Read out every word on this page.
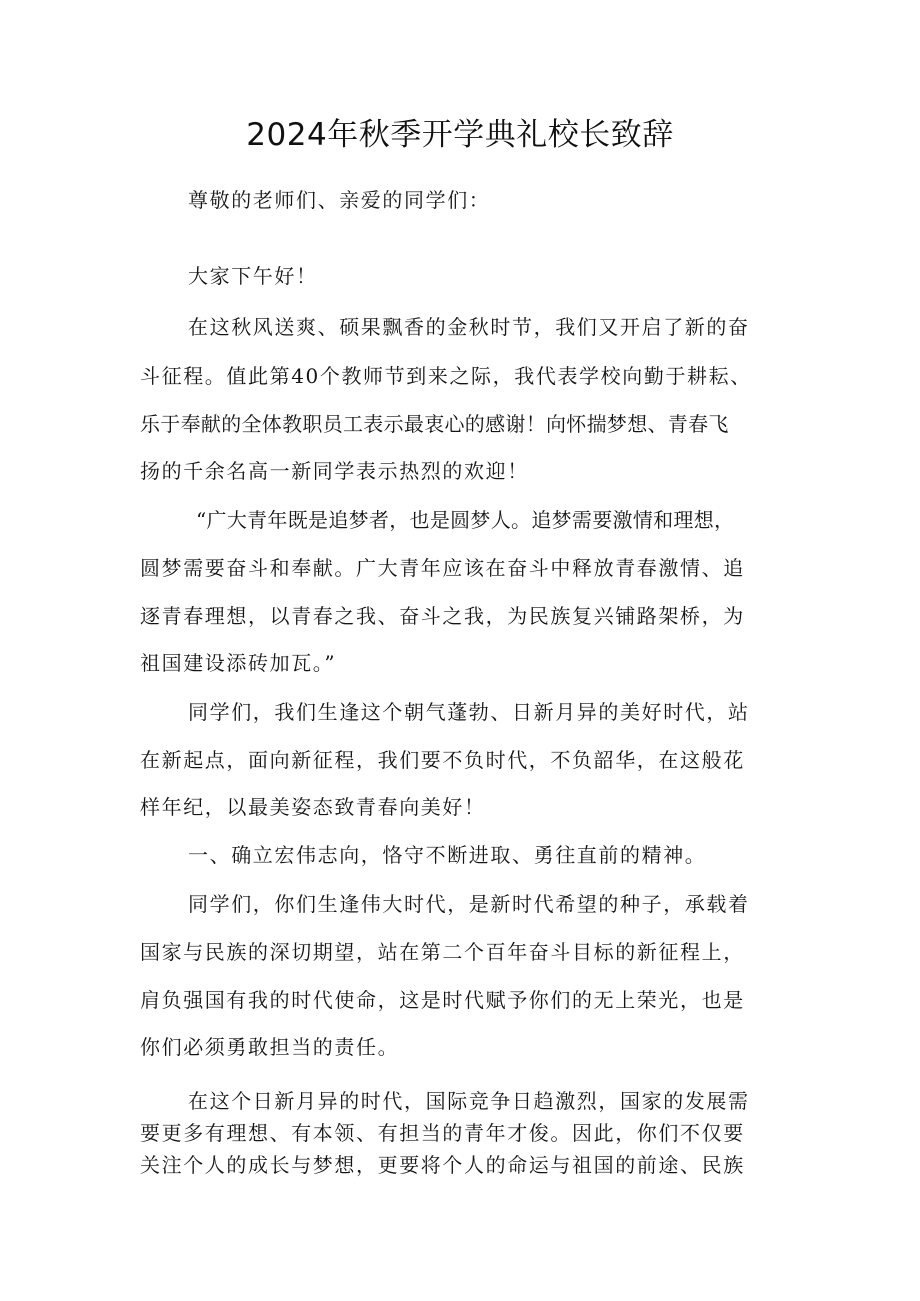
2024年秋季开学典礼校长致辞
尊敬的老师们、亲爱的同学们：
大家下午好！
在这秋风送爽、硕果飘香的金秋时节，我们又开启了新的奋
斗征程。值此第40个教师节到来之际，我代表学校向勤于耕耘、
乐于奉献的全体教职员工表示最衷心的感谢！向怀揣梦想、青春飞
扬的千余名高一新同学表示热烈的欢迎！
“广大青年既是追梦者，也是圆梦人。追梦需要激情和理想，
圆梦需要奋斗和奉献。广大青年应该在奋斗中释放青春激情、追
逐青春理想，以青春之我、奋斗之我，为民族复兴铺路架桥，为
祖国建设添砖加瓦。”
同学们，我们生逢这个朝气蓬勃、日新月异的美好时代，站
在新起点，面向新征程，我们要不负时代，不负韶华，在这般花
样年纪，以最美姿态致青春向美好！
一、确立宏伟志向，恪守不断进取、勇往直前的精神。
同学们，你们生逢伟大时代，是新时代希望的种子，承载着
国家与民族的深切期望，站在第二个百年奋斗目标的新征程上，
肩负强国有我的时代使命，这是时代赋予你们的无上荣光，也是
你们必须勇敢担当的责任。
在这个日新月异的时代，国际竞争日趋激烈，国家的发展需
要更多有理想、有本领、有担当的青年才俊。因此，你们不仅要
关注个人的成长与梦想，更要将个人的命运与祖国的前途、民族
